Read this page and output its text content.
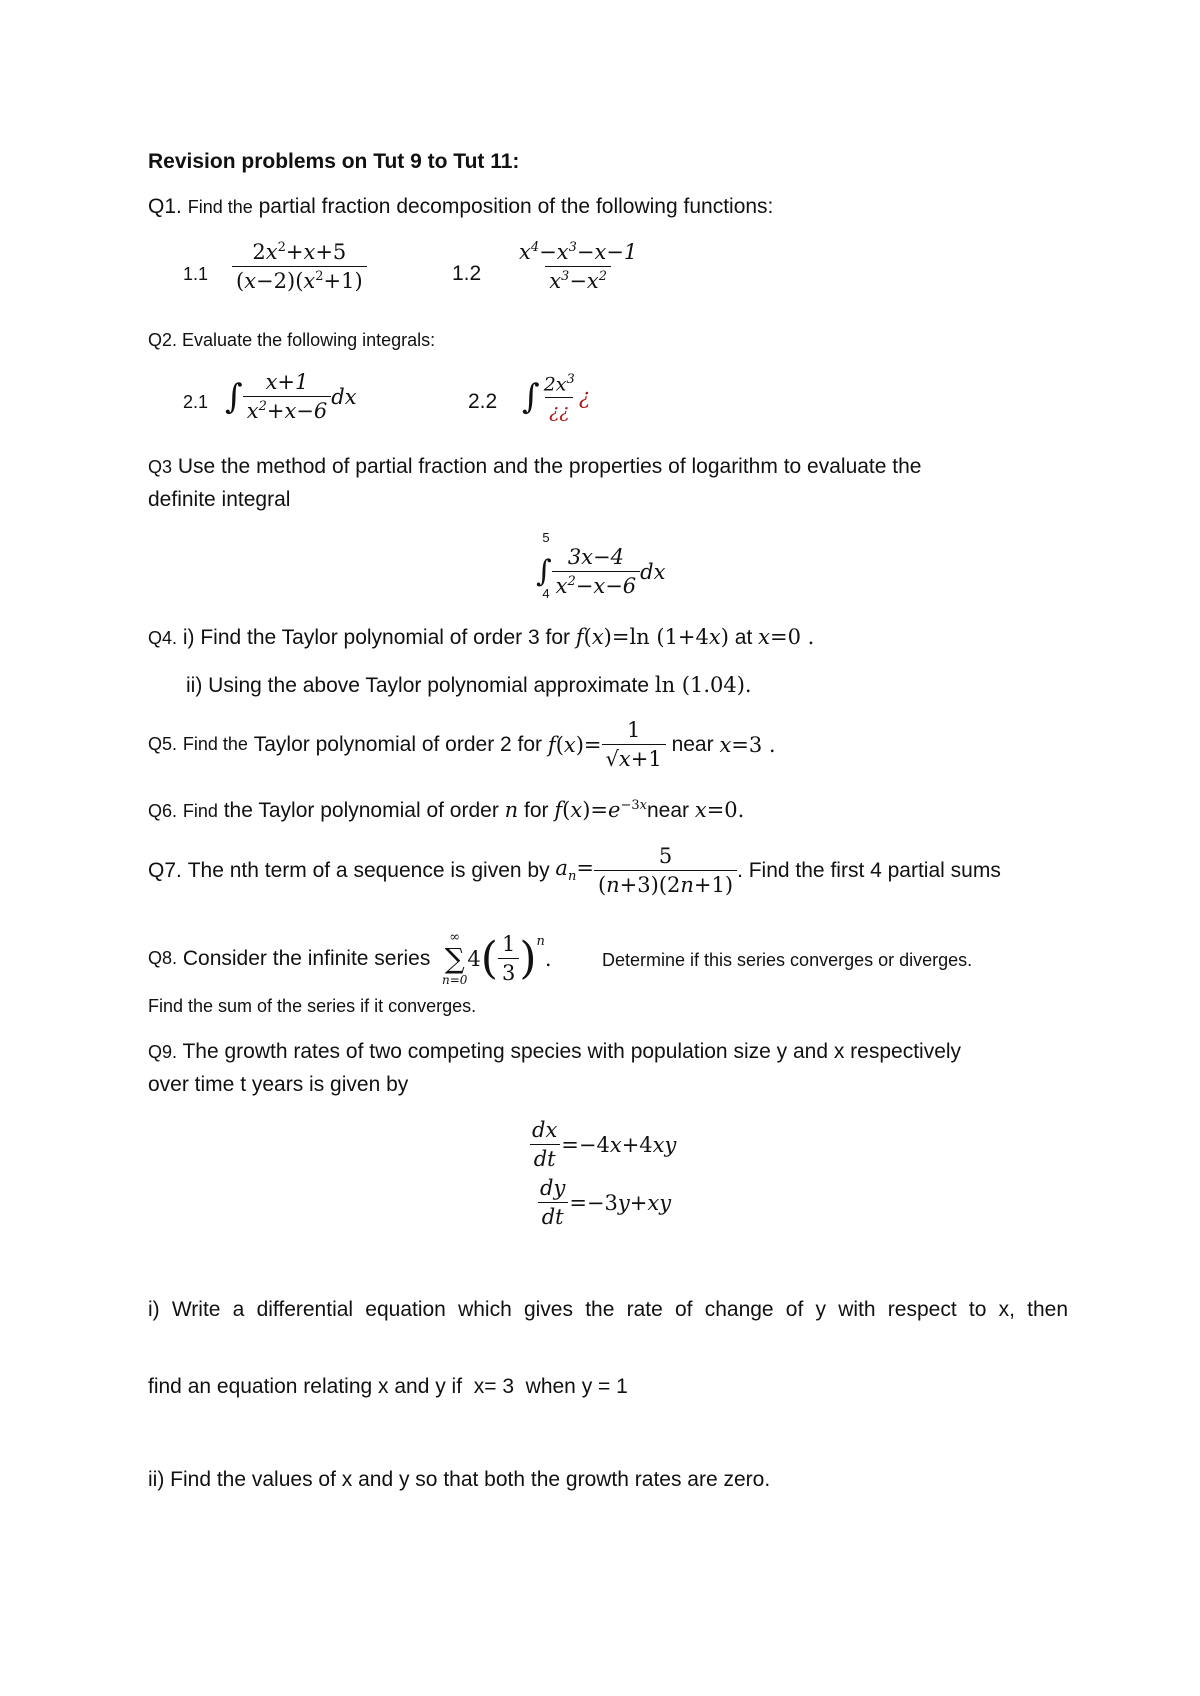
Revision problems on Tut 9 to Tut 11:
Q1. Find the partial fraction decomposition of the following functions:
$1.1 \frac{2x^2+x+5}{(x-2)(x^2+1)}$	$1.2 \frac{x^4-x^3-x-1}{x^3-x^2}$
Q2. Evaluate the following integrals:
2.1 ∫ $\frac{x+1}{x^2+x-6}$ dx	2.2 ∫ $\frac{2x^3}{¿¿}$ ¿
Q3 Use the method of partial fraction and the properties of logarithm to evaluate the
definite integral
5
4
∫ $\frac{3x-4}{x^2-x-6}$ dx
Q4. i) Find the Taylor polynomial of order 3 for f(x)=ln (1+4x) at x=0 .
ii) Using the above Taylor polynomial approximate ln (1.04).
Q5.
Find the
Taylor polynomial of order 2 for
$f(x)= \frac{1}{√x+1}$
near
x=3 .
Q6. Find the Taylor polynomial of order n for $f(x)=e^{-3x}near$ x=0.
Q7.
The nth term of a sequence is given by
$a_n= \frac{5}{(n+3)(2n+1)}$ . Find the first 4 partial sums
Q8.
Consider the infinite series

∞
∑
n=0
4 ( $\frac{1}{3}$ ) n
.	Determine if this series converges or diverges.
Find the sum of the series if it converges.
Q9. The growth rates of two competing species with population size y and x respectively
over time t years is given by
$\frac{dx}{dt} =-4x+4xy$
$\frac{dy}{dt} =-3y+xy$
i) Write a differential equation which gives the rate of change of y with respect to x, then
find an equation relating x and y if  x= 3  when y = 1
ii) Find the values of x and y so that both the growth rates are zero.
